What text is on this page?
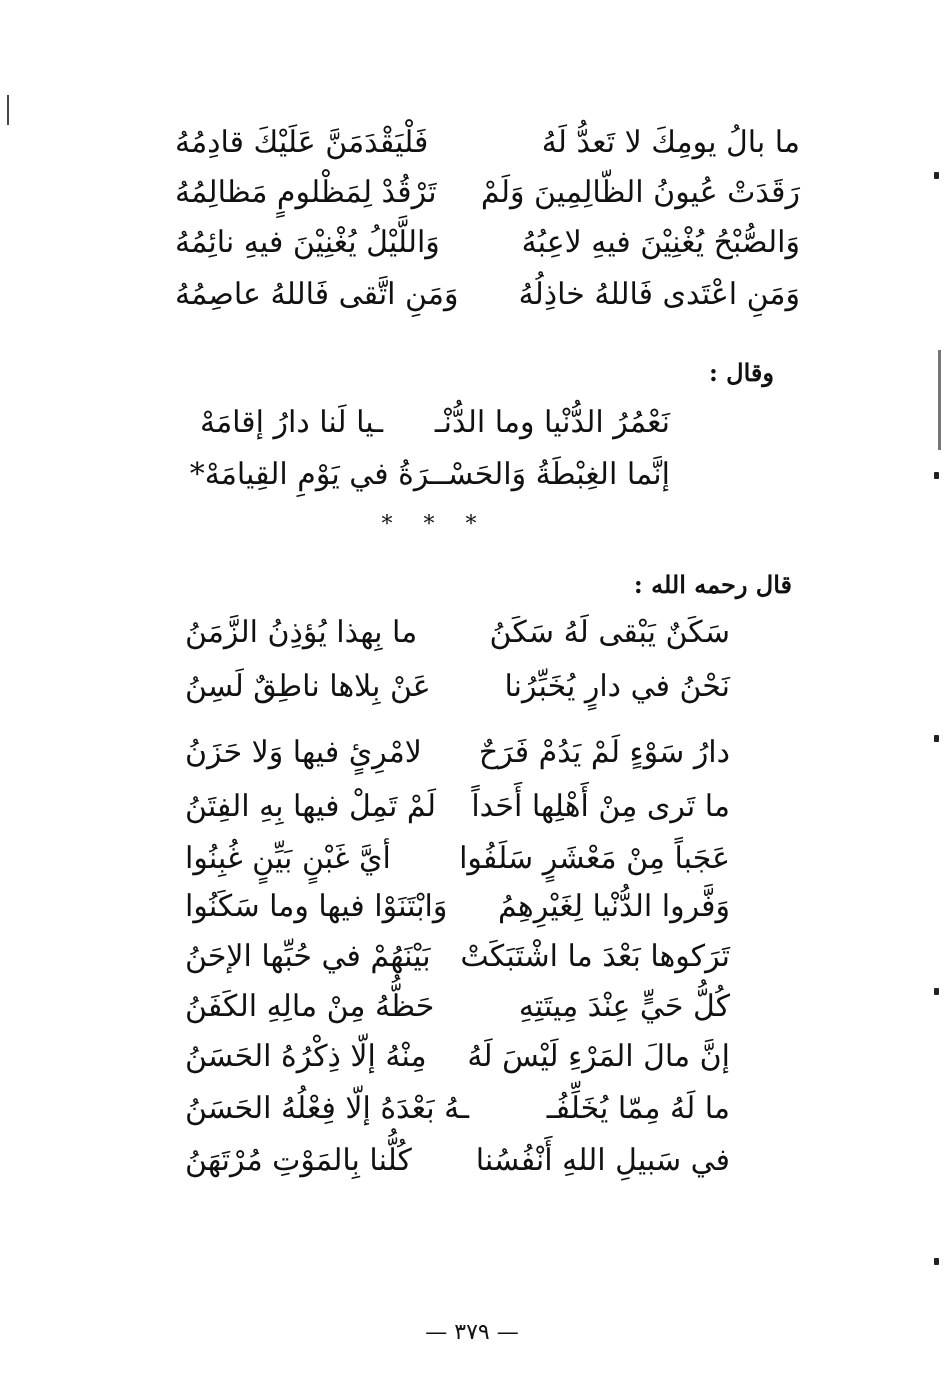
ما بالُ يومِكَ لا تَعدُّ لَهُ
فَلْيَقْدَمَنَّ عَلَيْكَ قادِمُهُ
رَقَدَتْ عُيونُ الظّالِمِينَ وَلَمْ
تَرْقُدْ لِمَظْلومٍ مَظالِمُهُ
وَالصُّبْحُ يُغْنِيْنَ فيهِ لاعِبُهُ
وَاللَّيْلُ يُغْنِيْنَ فيهِ نائِمُهُ
وَمَنِ اعْتَدى فَاللهُ خاذِلُهُ
وَمَنِ اتَّقى فَاللهُ عاصِمُهُ
وقال :
نَعْمُرُ الدُّنْيا وما الدُّنْـ
ـيا لَنا دارُ إقامَهْ
إنَّما الغِبْطَةُ وَالحَسْـ
ـرَةُ في يَوْمِ القِيامَهْ*
* * *
قال رحمه الله :
سَكَنٌ يَبْقى لَهُ سَكَنُ
ما بِهذا يُؤذِنُ الزَّمَنُ
نَحْنُ في دارٍ يُخَبِّرُنا
عَنْ بِلاها ناطِقٌ لَسِنُ
دارُ سَوْءٍ لَمْ يَدُمْ فَرَحٌ
لامْرِئٍ فيها وَلا حَزَنُ
ما تَرى مِنْ أَهْلِها أَحَداً
لَمْ تَمِلْ فيها بِهِ الفِتَنُ
عَجَباً مِنْ مَعْشَرٍ سَلَفُوا
أيَّ غَبْنٍ بَيِّنٍ غُبِنُوا
وَفَّروا الدُّنْيا لِغَيْرِهِمُ
وَابْتَنَوْا فيها وما سَكَنُوا
تَرَكوها بَعْدَ ما اشْتَبَكَتْ
بَيْنَهُمْ في حُبِّها الإحَنُ
كُلُّ حَيٍّ عِنْدَ مِيتَتِهِ
حَظُّهُ مِنْ مالِهِ الكَفَنُ
إنَّ مالَ المَرْءِ لَيْسَ لَهُ
مِنْهُ إلّا ذِكْرُهُ الحَسَنُ
ما لَهُ مِمّا يُخَلِّفُـ
ـهُ بَعْدَهُ إلّا فِعْلُهُ الحَسَنُ
في سَبيلِ اللهِ أَنْفُسُنا
كُلُّنا بِالمَوْتِ مُرْتَهَنُ
— ٣٧٩ —
